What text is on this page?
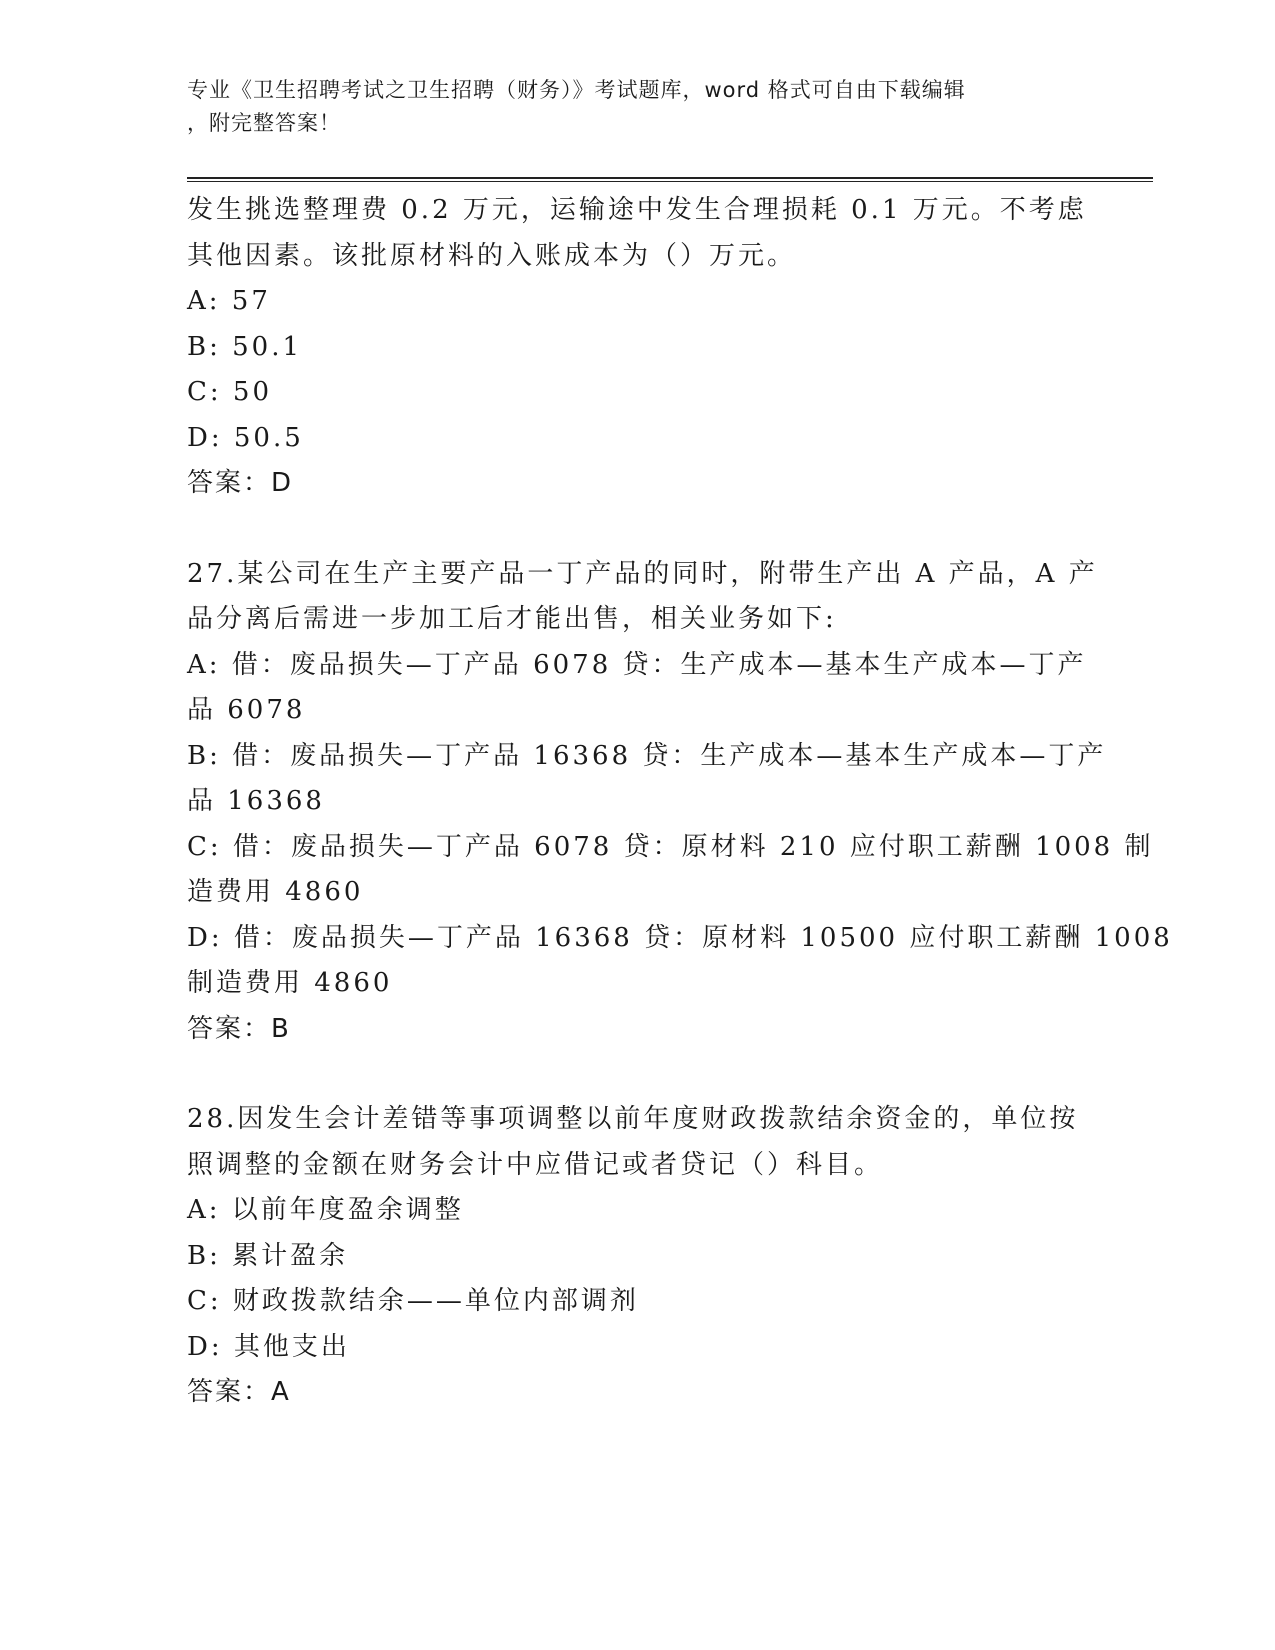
专业《卫生招聘考试之卫生招聘（财务）》考试题库，word 格式可自由下载编辑
，附完整答案！
发生挑选整理费 0.2 万元，运输途中发生合理损耗 0.1 万元。不考虑
其他因素。该批原材料的入账成本为（）万元。
A: 57
B: 50.1
C: 50
D: 50.5
答案：D
27.某公司在生产主要产品一丁产品的同时，附带生产出 A 产品，A 产
品分离后需进一步加工后才能出售，相关业务如下:
A: 借：废品损失—丁产品 6078 贷：生产成本—基本生产成本—丁产
品 6078
B: 借：废品损失—丁产品 16368 贷：生产成本—基本生产成本—丁产
品 16368
C: 借：废品损失—丁产品 6078 贷：原材料 210 应付职工薪酬 1008 制
造费用 4860
D: 借：废品损失—丁产品 16368 贷：原材料 10500 应付职工薪酬 1008
制造费用 4860
答案：B
28.因发生会计差错等事项调整以前年度财政拨款结余资金的，单位按
照调整的金额在财务会计中应借记或者贷记（）科目。
A: 以前年度盈余调整
B: 累计盈余
C: 财政拨款结余——单位内部调剂
D: 其他支出
答案：A
